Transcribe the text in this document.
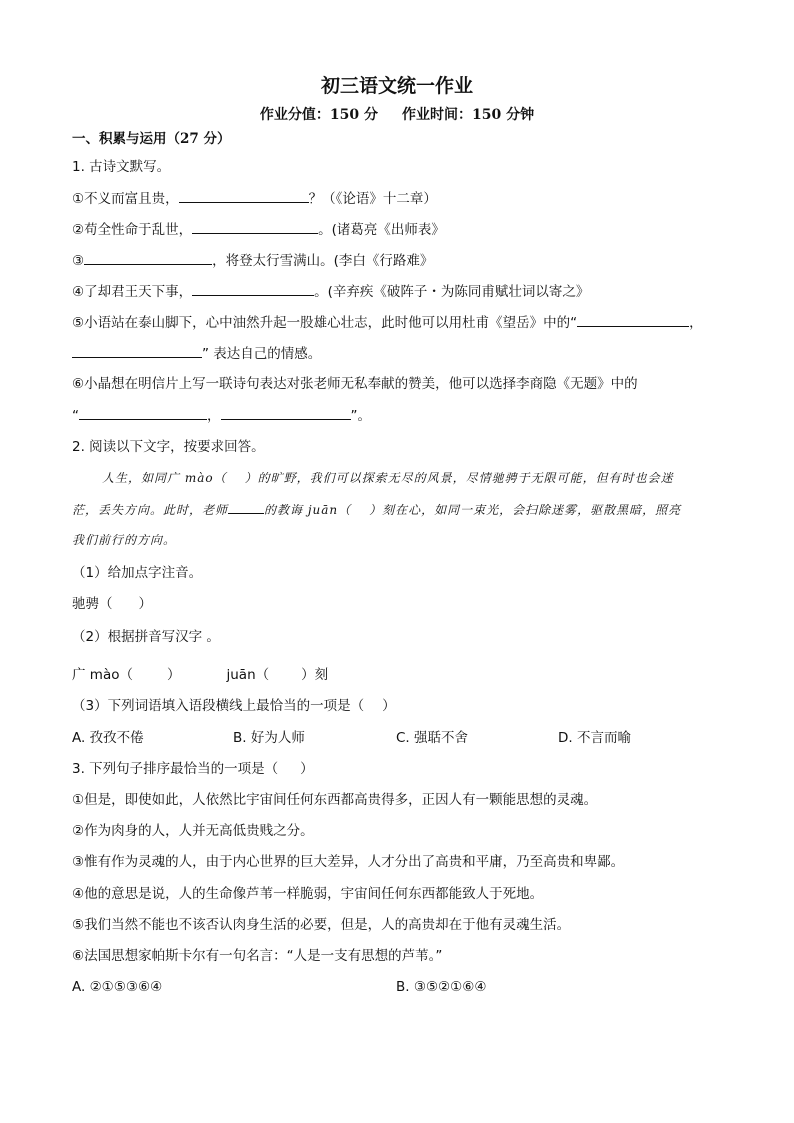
初三语文统一作业
作业分值：150 分 作业时间：150 分钟
一、积累与运用（27 分）
1. 古诗文默写。
①不义而富且贵，	？（《论语》十二章）
②苟全性命于乱世，	。(诸葛亮《出师表》
③	，将登太行雪满山。(李白《行路难》
④了却君王天下事，	。(辛弃疾《破阵子・为陈同甫赋壮词以寄之》
⑤小语站在泰山脚下，心中油然升起一股雄心壮志，此时他可以用杜甫《望岳》中的“	，
” 表达自己的情感。
⑥小晶想在明信片上写一联诗句表达对张老师无私奉献的赞美，他可以选择李商隐《无题》中的
“	，	”。
2. 阅读以下文字，按要求回答。
人生，如同广 mào（ ）的旷野，我们可以探索无尽的风景，尽情驰骋于无限可能，但有时也会迷
茫，丢失方向。此时，老师	的教诲 juān（ ）刻在心，如同一束光，会扫除迷雾，驱散黑暗，照亮
我们前行的方向。
（1）给加点字注音。
驰骋（ ）
（2）根据拼音写汉字 。
广 mào（	）	juān（ ）刻
（3）下列词语填入语段横线上最恰当的一项是（ ）
A. 孜孜不倦	B. 好为人师	C. 强聒不舍	D. 不言而喻
3. 下列句子排序最恰当的一项是（ ）
①但是，即使如此，人依然比宇宙间任何东西都高贵得多，正因人有一颗能思想的灵魂。
②作为肉身的人，人并无高低贵贱之分。
③惟有作为灵魂的人，由于内心世界的巨大差异，人才分出了高贵和平庸，乃至高贵和卑鄙。
④他的意思是说，人的生命像芦苇一样脆弱，宇宙间任何东西都能致人于死地。
⑤我们当然不能也不该否认肉身生活的必要，但是，人的高贵却在于他有灵魂生活。
⑥法国思想家帕斯卡尔有一句名言：“人是一支有思想的芦苇。”
A. ②①⑤③⑥④	B. ③⑤②①⑥④
